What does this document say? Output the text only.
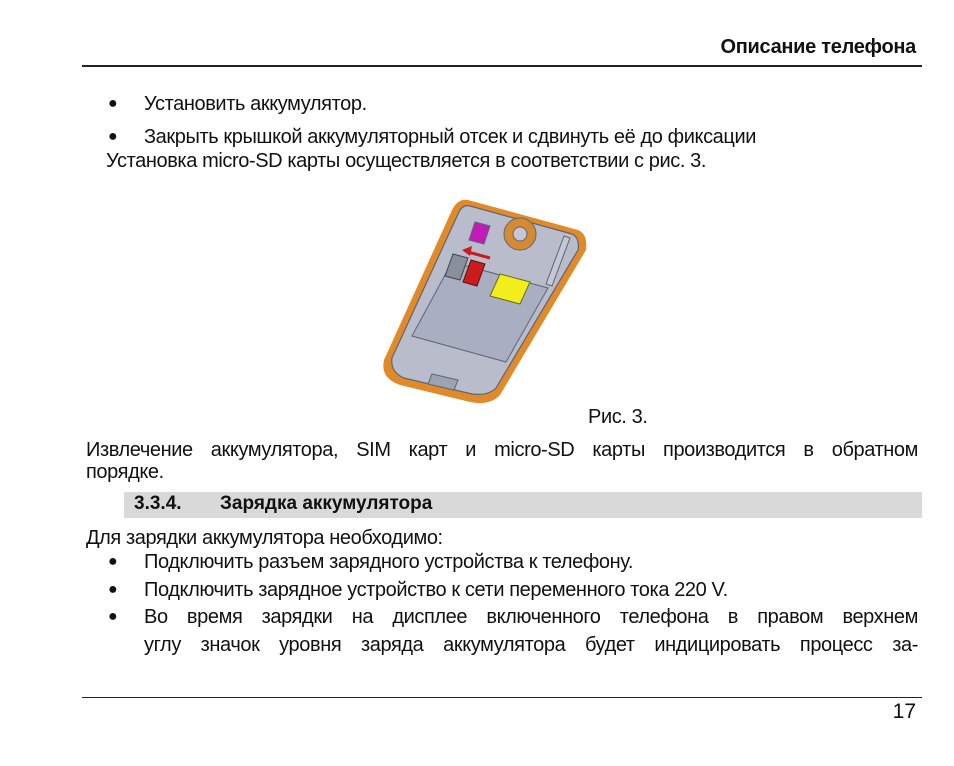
Описание телефона
● Установить аккумулятор.
● Закрыть крышкой аккумуляторный отсек и сдвинуть её до фиксации
Установка micro-SD карты осуществляется в соответствии с рис. 3.
Рис. 3.
Извлечение аккумулятора, SIM карт и micro-SD карты производится в обратном
порядке.
3.3.4. Зарядка аккумулятора
Для зарядки аккумулятора необходимо:
● Подключить разъем зарядного устройства к телефону.
● Подключить зарядное устройство к сети переменного тока 220 V.
● Во время зарядки на дисплее включенного телефона в правом верхнем
углу значок уровня заряда аккумулятора будет индицировать процесс за-
17
